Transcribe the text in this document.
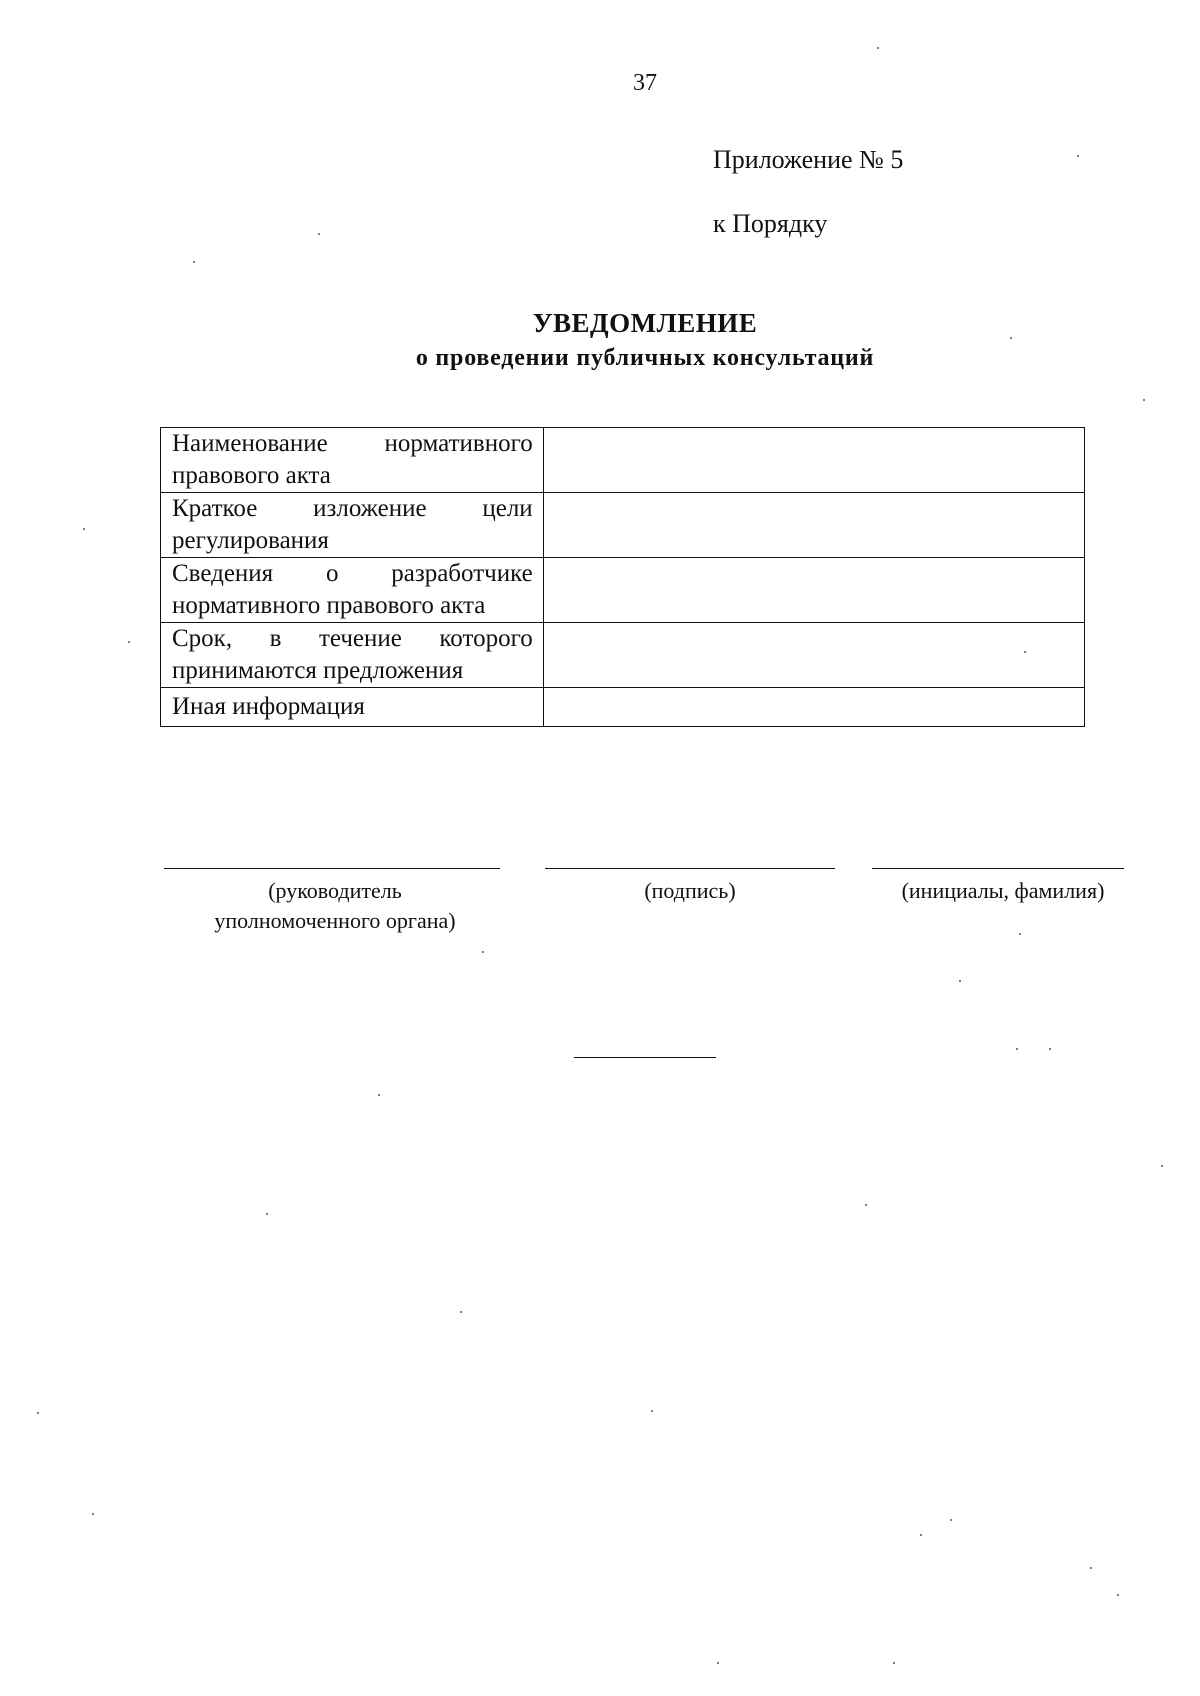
37
Приложение № 5
к Порядку
УВЕДОМЛЕНИЕ
о проведении публичных консультаций
Наименование нормативного правового акта	
Краткое изложение цели регулирования	
Сведения о разработчике нормативного правового акта	
Срок, в течение которого принимаются предложения	
Иная информация	
(руководитель уполномоченного органа)
(подпись)	(инициалы, фамилия)
